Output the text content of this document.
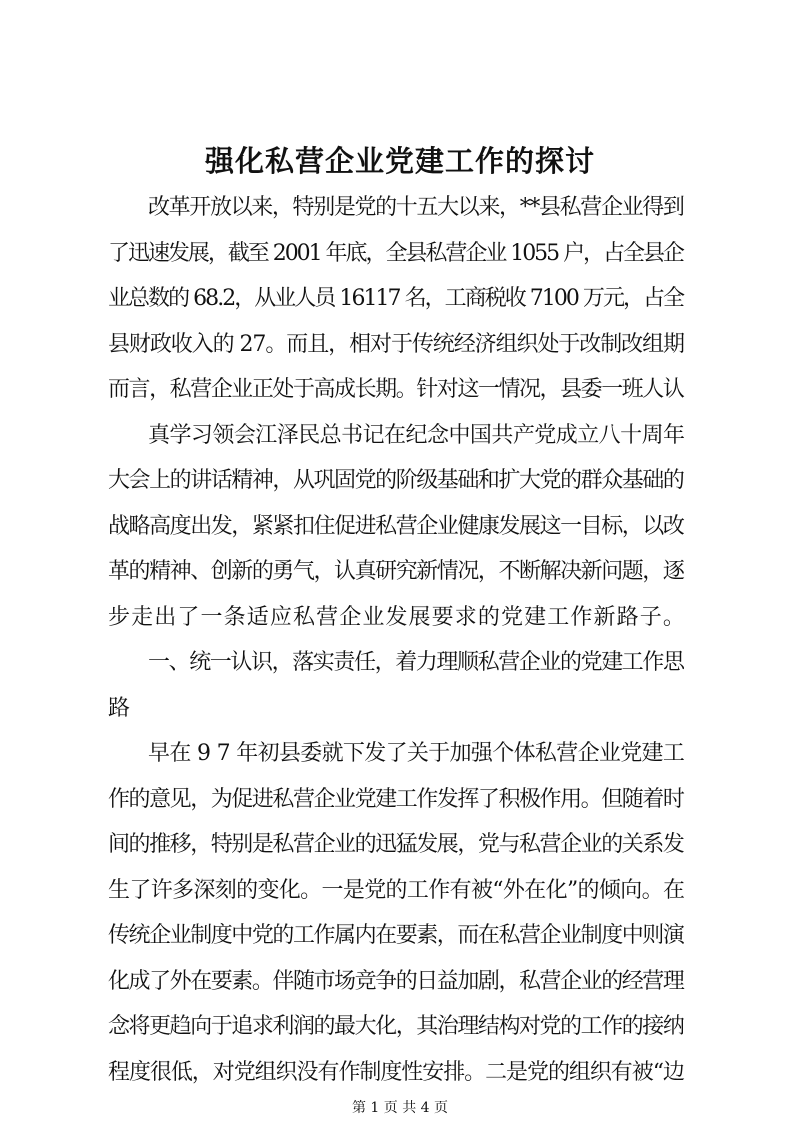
强化私营企业党建工作的探讨
改革开放以来，特别是党的十五大以来，**县私营企业得到
了迅速发展，截至 2001 年底，全县私营企业 1055 户，占全县企
业总数的 68.2，从业人员 16117 名，工商税收 7100 万元，占全
县财政收入的 27。而且，相对于传统经济组织处于改制改组期
而言，私营企业正处于高成长期。针对这一情况，县委一班人认
真学习领会江泽民总书记在纪念中国共产党成立八十周年
大会上的讲话精神，从巩固党的阶级基础和扩大党的群众基础的
战略高度出发，紧紧扣住促进私营企业健康发展这一目标，以改
革的精神、创新的勇气，认真研究新情况，不断解决新问题，逐
步走出了一条适应私营企业发展要求的党建工作新路子。
一、统一认识，落实责任，着力理顺私营企业的党建工作思
路
早在 9 7 年初县委就下发了关于加强个体私营企业党建工
作的意见，为促进私营企业党建工作发挥了积极作用。但随着时
间的推移，特别是私营企业的迅猛发展，党与私营企业的关系发
生了许多深刻的变化。一是党的工作有被“外在化”的倾向。在
传统企业制度中党的工作属内在要素，而在私营企业制度中则演
化成了外在要素。伴随市场竞争的日益加剧，私营企业的经营理
念将更趋向于追求利润的最大化，其治理结构对党的工作的接纳
程度很低，对党组织没有作制度性安排。二是党的组织有被“边
第 1 页 共 4 页
